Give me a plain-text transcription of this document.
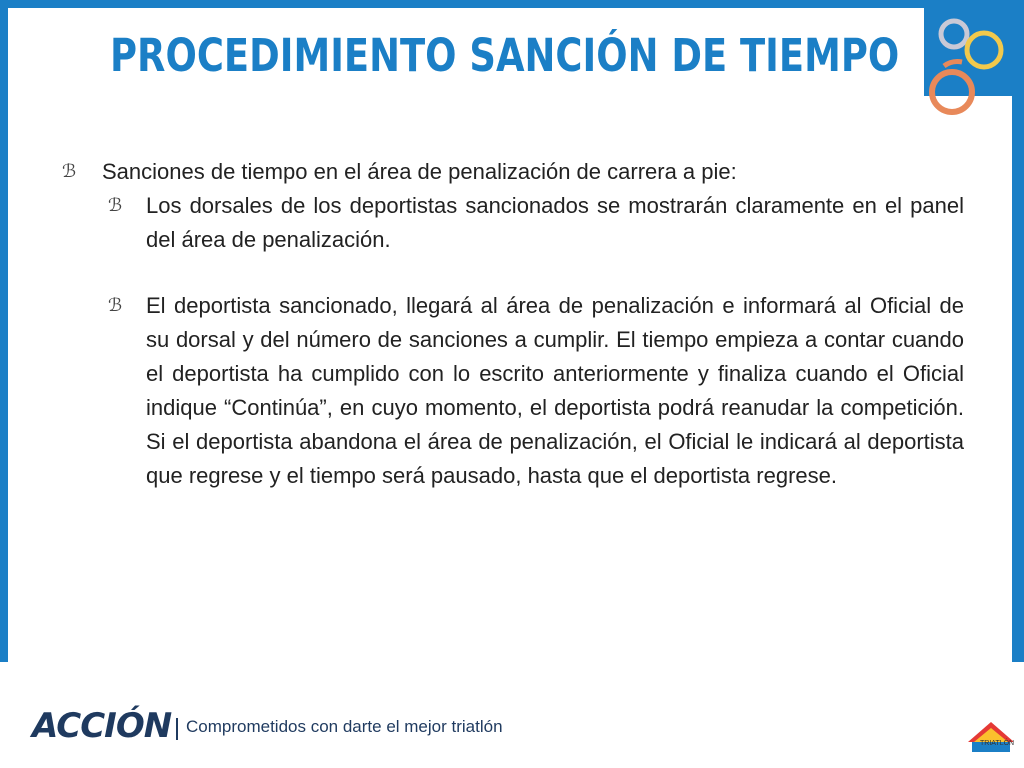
PROCEDIMIENTO SANCIÓN DE TIEMPO
ℬ Sanciones de tiempo en el área de penalización de carrera a pie:
ℬ Los dorsales de los deportistas sancionados se mostrarán claramente en el panel del área de penalización.
ℬ El deportista sancionado, llegará al área de penalización e informará al Oficial de su dorsal y del número de sanciones a cumplir. El tiempo empieza a contar cuando el deportista ha cumplido con lo escrito anteriormente y finaliza cuando el Oficial indique “Continúa”, en cuyo momento, el deportista podrá reanudar la competición. Si el deportista abandona el área de penalización, el Oficial le indicará al deportista que regrese y el tiempo será pausado, hasta que el deportista regrese.
ACCIÓN Comprometidos con darte el mejor triatlón
TRIATLÓN
